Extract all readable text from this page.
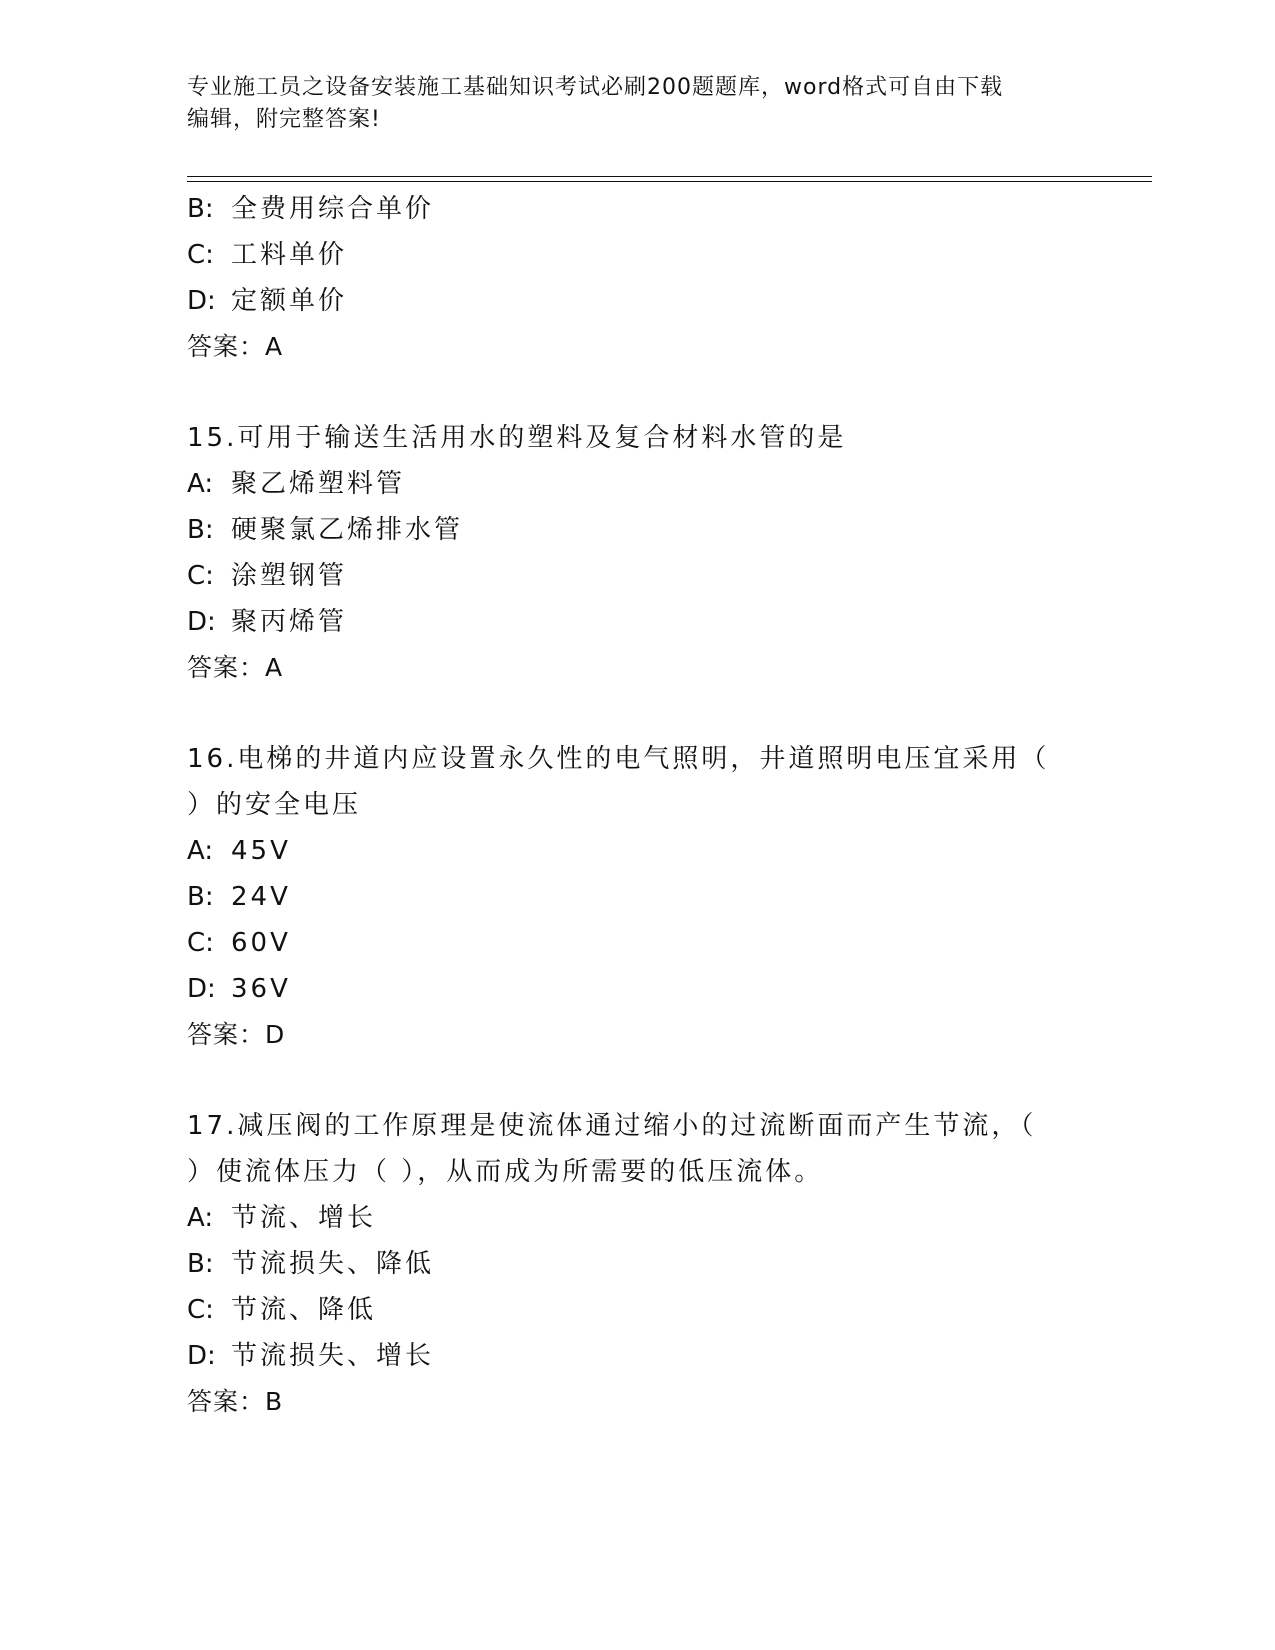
专业施工员之设备安装施工基础知识考试必刷200题题库，word格式可自由下载
编辑，附完整答案!
B: 全费用综合单价
C: 工料单价
D: 定额单价
答案：A
15.可用于输送生活用水的塑料及复合材料水管的是
A: 聚乙烯塑料管
B: 硬聚氯乙烯排水管
C: 涂塑钢管
D: 聚丙烯管
答案：A
16.电梯的井道内应设置永久性的电气照明，井道照明电压宜采用（
）的安全电压
A: 45V
B: 24V
C: 60V
D: 36V
答案：D
17.减压阀的工作原理是使流体通过缩小的过流断面而产生节流，（
）使流体压力（ ），从而成为所需要的低压流体。
A: 节流、增长
B: 节流损失、降低
C: 节流、降低
D: 节流损失、增长
答案：B
